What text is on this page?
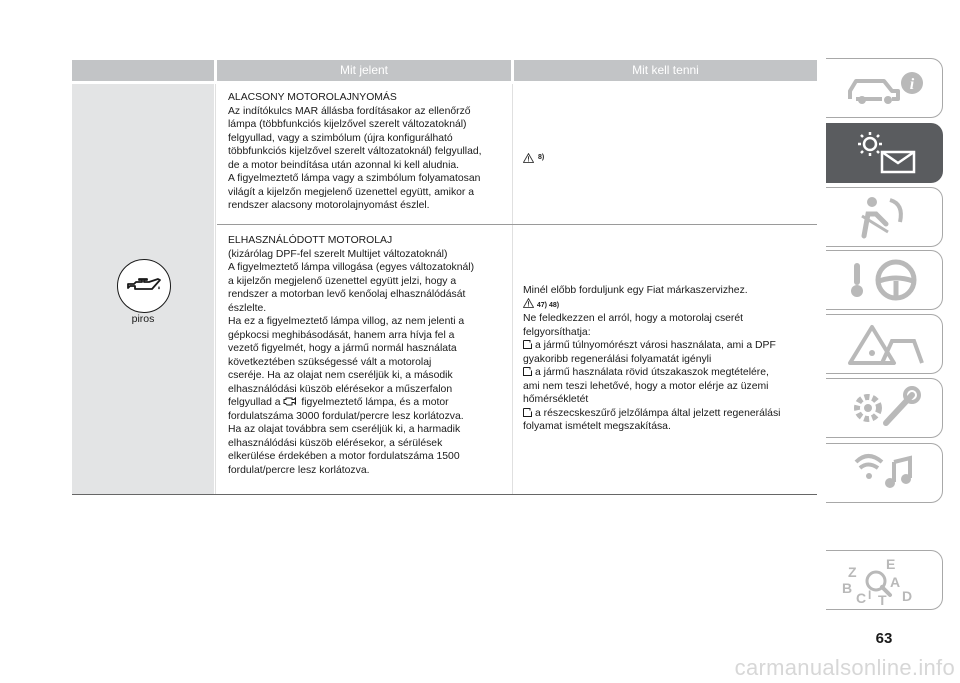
Mit jelent	Mit kell tenni
piros

ALACSONY MOTOROLAJNYOMÁS

Az indítókulcs MAR állásba fordításakor az ellenőrző

lámpa (többfunkciós kijelzővel szerelt változatoknál)

felgyullad, vagy a szimbólum (újra konfigurálható

többfunkciós kijelzővel szerelt változatoknál) felgyullad,

de a motor beindítása után azonnal ki kell aludnia.

A figyelmeztető lámpa vagy a szimbólum folyamatosan

világít a kijelzőn megjelenő üzenettel együtt, amikor a

rendszer alacsony motorolajnyomást észlel.

8)

ELHASZNÁLÓDOTT MOTOROLAJ

(kizárólag DPF-fel szerelt Multijet változatoknál)

A figyelmeztető lámpa villogása (egyes változatoknál)

a kijelzőn megjelenő üzenettel együtt jelzi, hogy a

rendszer a motorban levő kenőolaj elhasználódását

észlelte.

Ha ez a figyelmeztető lámpa villog, az nem jelenti a

gépkocsi meghibásodását, hanem arra hívja fel a

vezető figyelmét, hogy a jármű normál használata

következtében szükségessé vált a motorolaj

cseréje. Ha az olajat nem cseréljük ki, a második

elhasználódási küszöb elérésekor a műszerfalon

felgyullad a figyelmeztető lámpa, és a motor

fordulatszáma 3000 fordulat/percre lesz korlátozva.

Ha az olajat továbbra sem cseréljük ki, a harmadik

elhasználódási küszöb elérésekor, a sérülések

elkerülése érdekében a motor fordulatszáma 1500

fordulat/percre lesz korlátozva.

Minél előbb forduljunk egy Fiat márkaszervizhez.

47) 48)

Ne feledkezzen el arról, hogy a motorolaj cserét

felgyorsíthatja:

a jármű túlnyomórészt városi használata, ami a DPF

gyakoribb regenerálási folyamatát igényli

a jármű használata rövid útszakaszok megtételére,

ami nem teszi lehetővé, hogy a motor elérje az üzemi

hőmérsékletét

a részecskeszűrő jelzőlámpa által jelzett regenerálási

folyamat ismételt megszakítása.

i
Z E
B	A
C T D
I
63
carmanualsonline.info
